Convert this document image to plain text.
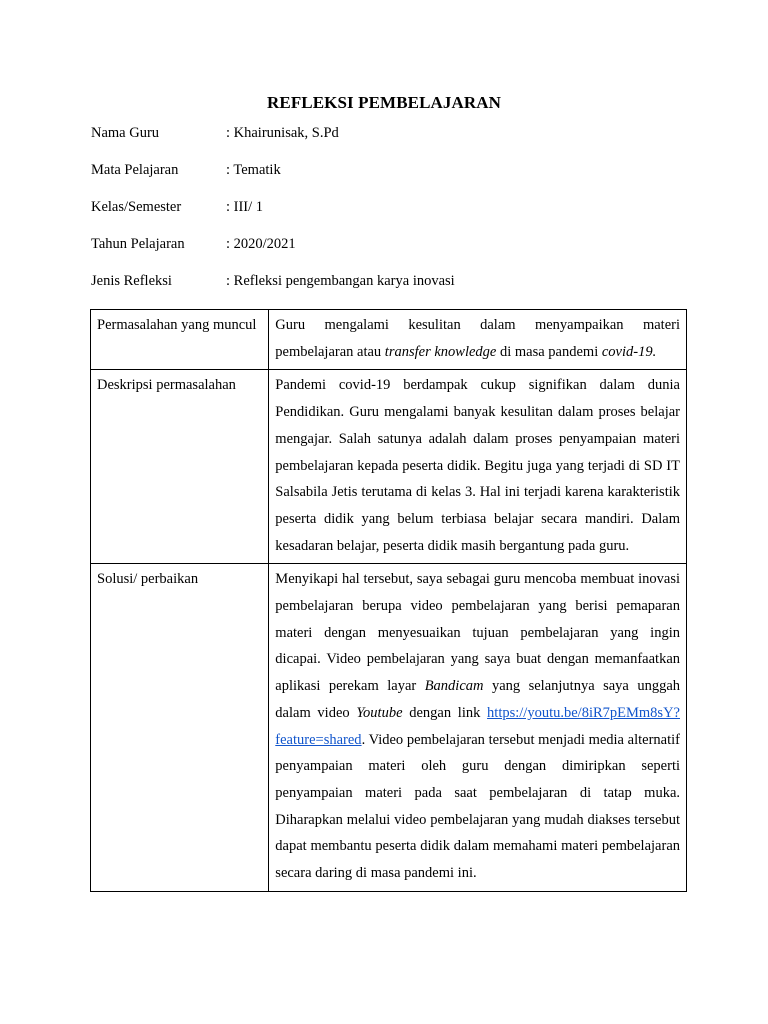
REFLEKSI PEMBELAJARAN
Nama Guru	: Khairunisak, S.Pd
Mata Pelajaran	: Tematik
Kelas/Semester	: III/ 1
Tahun Pelajaran	: 2020/2021
Jenis Refleksi	: Refleksi pengembangan karya inovasi
Permasalahan yang muncul	Guru mengalami kesulitan dalam menyampaikan materi pembelajaran atau transfer knowledge di masa pandemi covid-19.

Deskripsi permasalahan	Pandemi covid-19 berdampak cukup signifikan dalam dunia Pendidikan. Guru mengalami banyak kesulitan dalam proses belajar mengajar. Salah satunya adalah dalam proses penyampaian materi pembelajaran kepada peserta didik. Begitu juga yang terjadi di SD IT Salsabila Jetis terutama di kelas 3. Hal ini terjadi karena karakteristik peserta didik yang belum terbiasa belajar secara mandiri. Dalam kesadaran belajar, peserta didik masih bergantung pada guru.

Solusi/ perbaikan	Menyikapi hal tersebut, saya sebagai guru mencoba membuat inovasi pembelajaran berupa video pembelajaran yang berisi pemaparan materi dengan menyesuaikan tujuan pembelajaran yang ingin dicapai. Video pembelajaran yang saya buat dengan memanfaatkan aplikasi perekam layar Bandicam yang selanjutnya saya unggah dalam video Youtube dengan link https://youtu.be/8iR7pEMm8sY?feature=shared. Video pembelajaran tersebut menjadi media alternatif penyampaian materi oleh guru dengan dimiripkan seperti penyampaian materi pada saat pembelajaran di tatap muka. Diharapkan melalui video pembelajaran yang mudah diakses tersebut dapat membantu peserta didik dalam memahami materi pembelajaran secara daring di masa pandemi ini.
